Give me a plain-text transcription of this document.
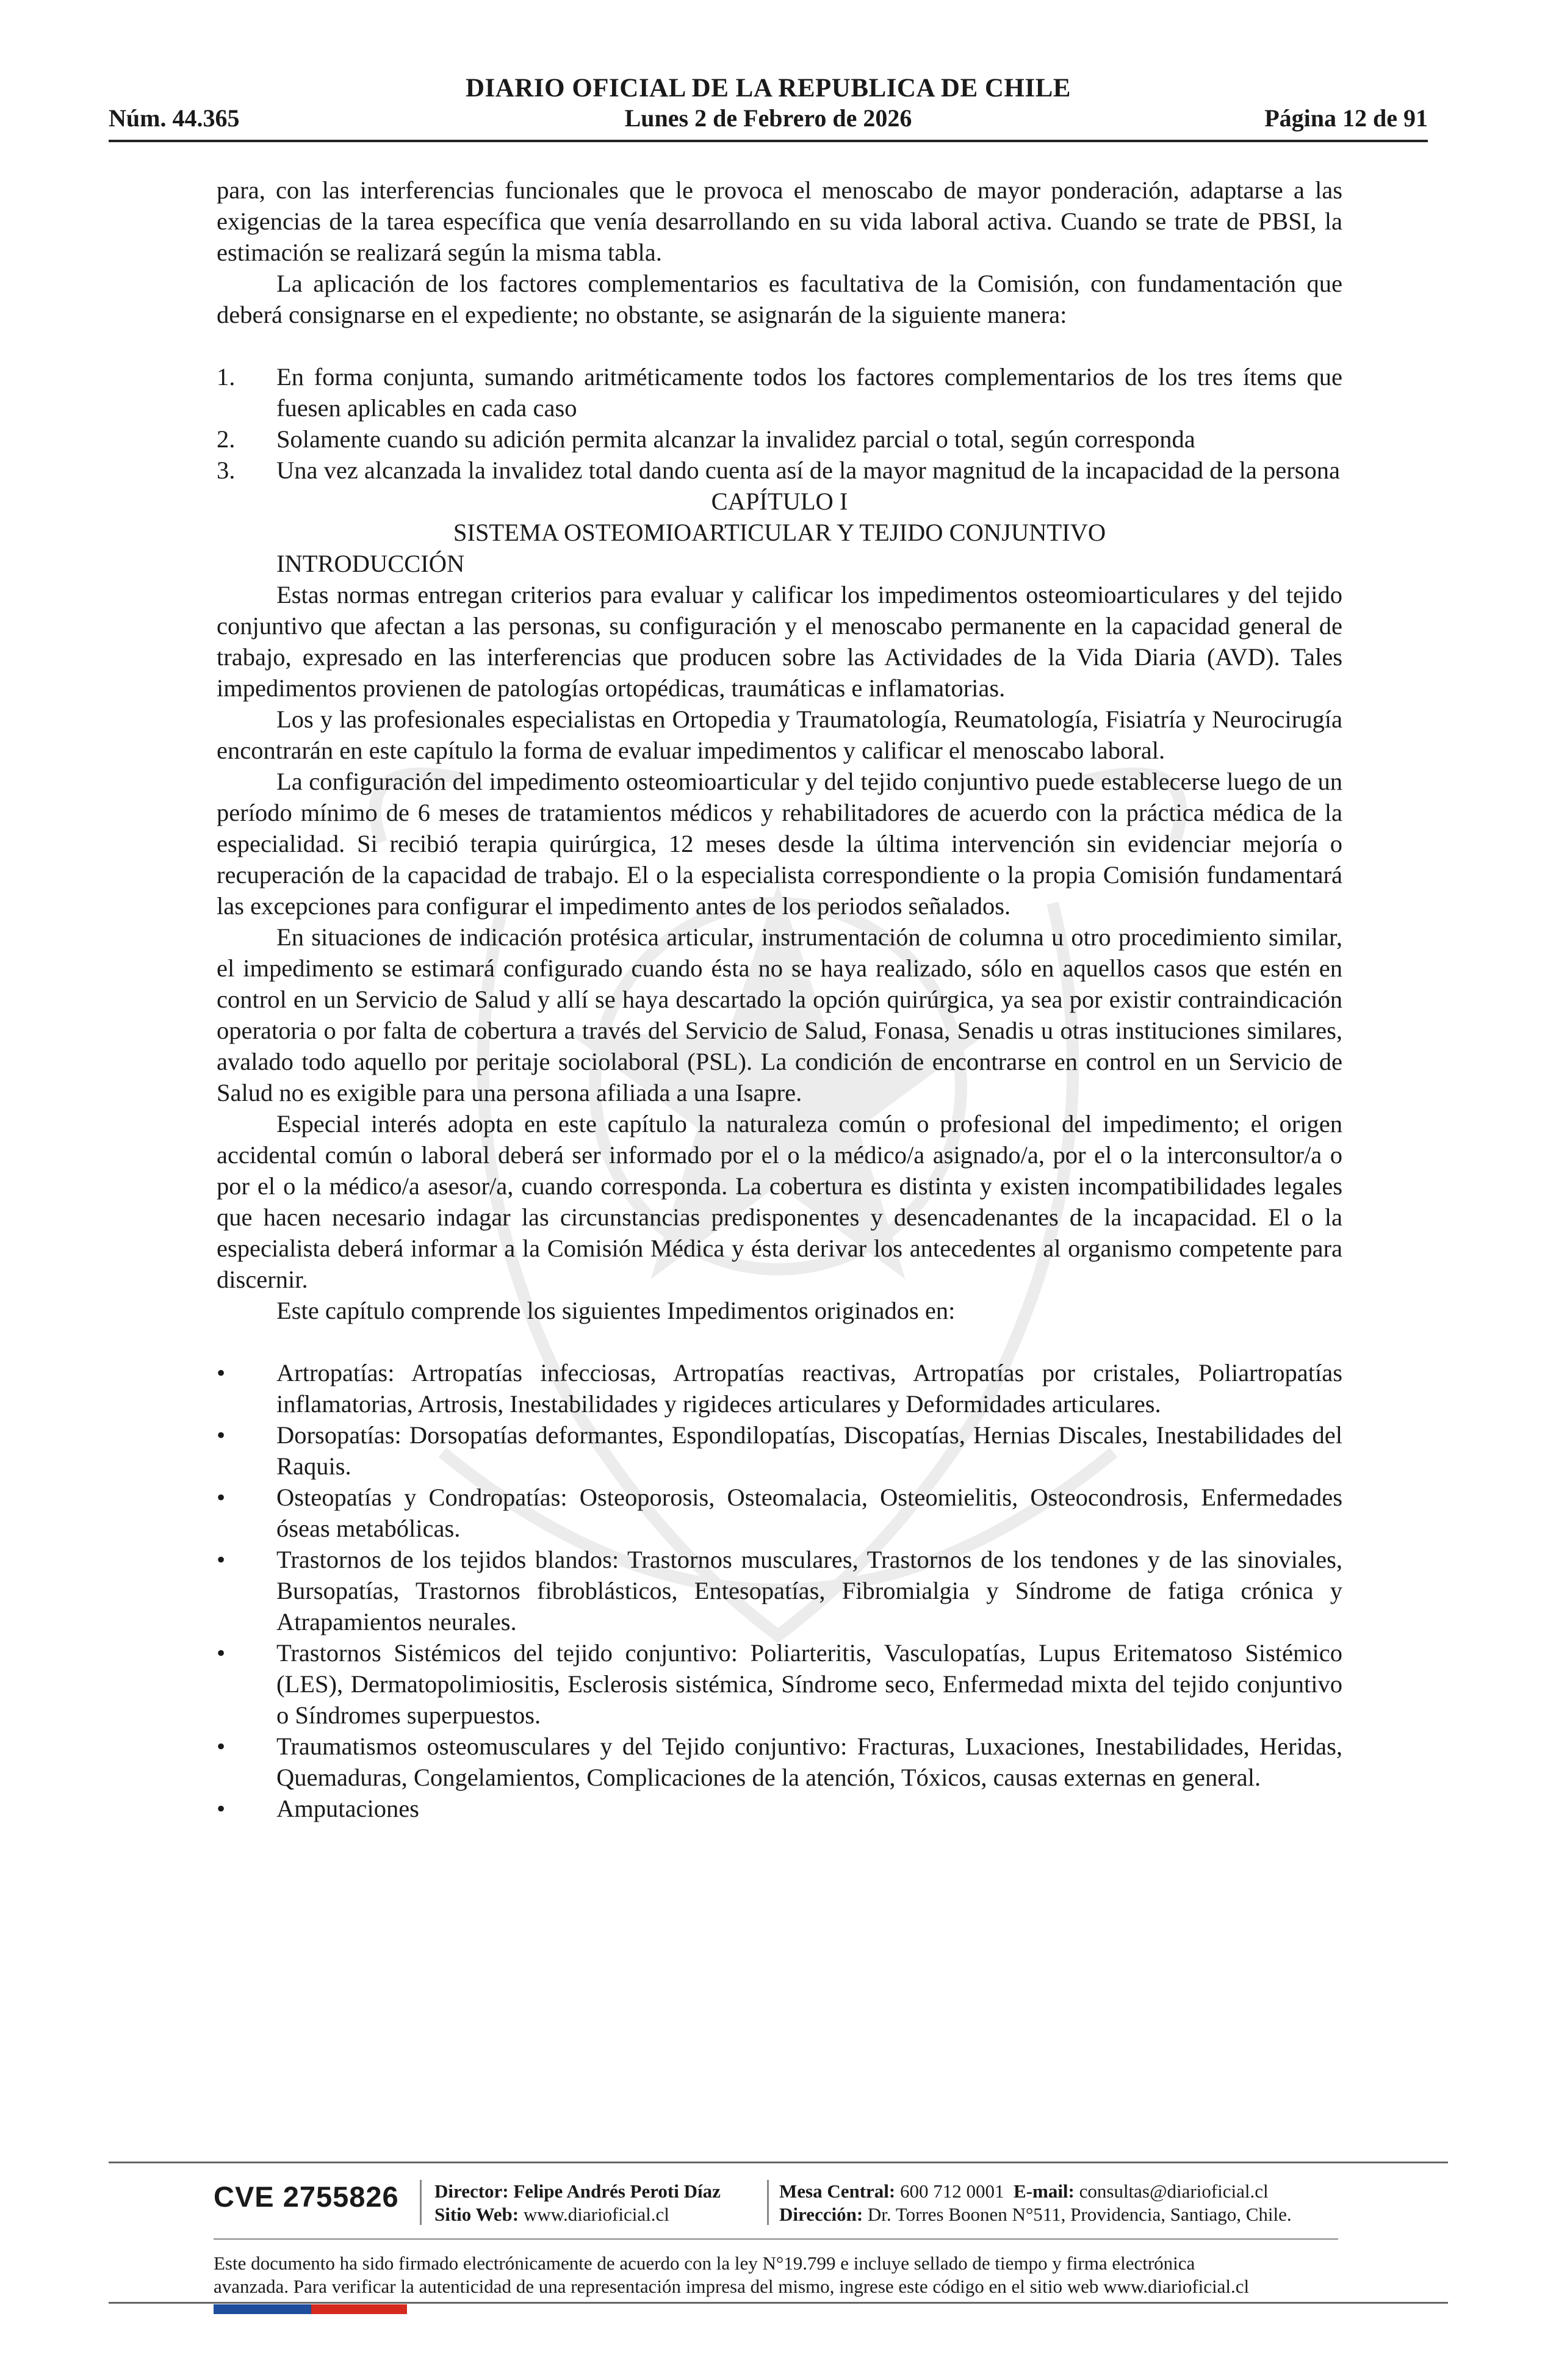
DIARIO OFICIAL DE LA REPUBLICA DE CHILE
Núm. 44.365	Lunes 2 de Febrero de 2026	Página 12 de 91

para, con las interferencias funcionales que le provoca el menoscabo de mayor ponderación, adaptarse a las exigencias de la tarea específica que venía desarrollando en su vida laboral activa. Cuando se trate de PBSI, la estimación se realizará según la misma tabla.

La aplicación de los factores complementarios es facultativa de la Comisión, con fundamentación que deberá consignarse en el expediente; no obstante, se asignarán de la siguiente manera:

1. En forma conjunta, sumando aritméticamente todos los factores complementarios de los tres ítems que fuesen aplicables en cada caso
2. Solamente cuando su adición permita alcanzar la invalidez parcial o total, según corresponda
3. Una vez alcanzada la invalidez total dando cuenta así de la mayor magnitud de la incapacidad de la persona

CAPÍTULO I

SISTEMA OSTEOMIOARTICULAR Y TEJIDO CONJUNTIVO

INTRODUCCIÓN

Estas normas entregan criterios para evaluar y calificar los impedimentos osteomioarticulares y del tejido conjuntivo que afectan a las personas, su configuración y el menoscabo permanente en la capacidad general de trabajo, expresado en las interferencias que producen sobre las Actividades de la Vida Diaria (AVD). Tales impedimentos provienen de patologías ortopédicas, traumáticas e inflamatorias.

Los y las profesionales especialistas en Ortopedia y Traumatología, Reumatología, Fisiatría y Neurocirugía encontrarán en este capítulo la forma de evaluar impedimentos y calificar el menoscabo laboral.

La configuración del impedimento osteomioarticular y del tejido conjuntivo puede establecerse luego de un período mínimo de 6 meses de tratamientos médicos y rehabilitadores de acuerdo con la práctica médica de la especialidad. Si recibió terapia quirúrgica, 12 meses desde la última intervención sin evidenciar mejoría o recuperación de la capacidad de trabajo. El o la especialista correspondiente o la propia Comisión fundamentará las excepciones para configurar el impedimento antes de los periodos señalados.

En situaciones de indicación protésica articular, instrumentación de columna u otro procedimiento similar, el impedimento se estimará configurado cuando ésta no se haya realizado, sólo en aquellos casos que estén en control en un Servicio de Salud y allí se haya descartado la opción quirúrgica, ya sea por existir contraindicación operatoria o por falta de cobertura a través del Servicio de Salud, Fonasa, Senadis u otras instituciones similares, avalado todo aquello por peritaje sociolaboral (PSL). La condición de encontrarse en control en un Servicio de Salud no es exigible para una persona afiliada a una Isapre.

Especial interés adopta en este capítulo la naturaleza común o profesional del impedimento; el origen accidental común o laboral deberá ser informado por el o la médico/a asignado/a, por el o la interconsultor/a o por el o la médico/a asesor/a, cuando corresponda. La cobertura es distinta y existen incompatibilidades legales que hacen necesario indagar las circunstancias predisponentes y desencadenantes de la incapacidad. El o la especialista deberá informar a la Comisión Médica y ésta derivar los antecedentes al organismo competente para discernir.

Este capítulo comprende los siguientes Impedimentos originados en:

• Artropatías: Artropatías infecciosas, Artropatías reactivas, Artropatías por cristales, Poliartropatías inflamatorias, Artrosis, Inestabilidades y rigideces articulares y Deformidades articulares.
• Dorsopatías: Dorsopatías deformantes, Espondilopatías, Discopatías, Hernias Discales, Inestabilidades del Raquis.
• Osteopatías y Condropatías: Osteoporosis, Osteomalacia, Osteomielitis, Osteocondrosis, Enfermedades óseas metabólicas.
• Trastornos de los tejidos blandos: Trastornos musculares, Trastornos de los tendones y de las sinoviales, Bursopatías, Trastornos fibroblásticos, Entesopatías, Fibromialgia y Síndrome de fatiga crónica y Atrapamientos neurales.
• Trastornos Sistémicos del tejido conjuntivo: Poliarteritis, Vasculopatías, Lupus Eritematoso Sistémico (LES), Dermatopolimiositis, Esclerosis sistémica, Síndrome seco, Enfermedad mixta del tejido conjuntivo o Síndromes superpuestos.
• Traumatismos osteomusculares y del Tejido conjuntivo: Fracturas, Luxaciones, Inestabilidades, Heridas, Quemaduras, Congelamientos, Complicaciones de la atención, Tóxicos, causas externas en general.
• Amputaciones
CVE 2755826 Director: Felipe Andrés Peroti Díaz
Sitio Web: www.diarioficial.cl
Mesa Central: 600 712 0001 E-mail: consultas@diarioficial.cl
Dirección: Dr. Torres Boonen N°511, Providencia, Santiago, Chile.
Este documento ha sido firmado electrónicamente de acuerdo con la ley N°19.799 e incluye sellado de tiempo y firma electrónica
avanzada. Para verificar la autenticidad de una representación impresa del mismo, ingrese este código en el sitio web www.diarioficial.cl
